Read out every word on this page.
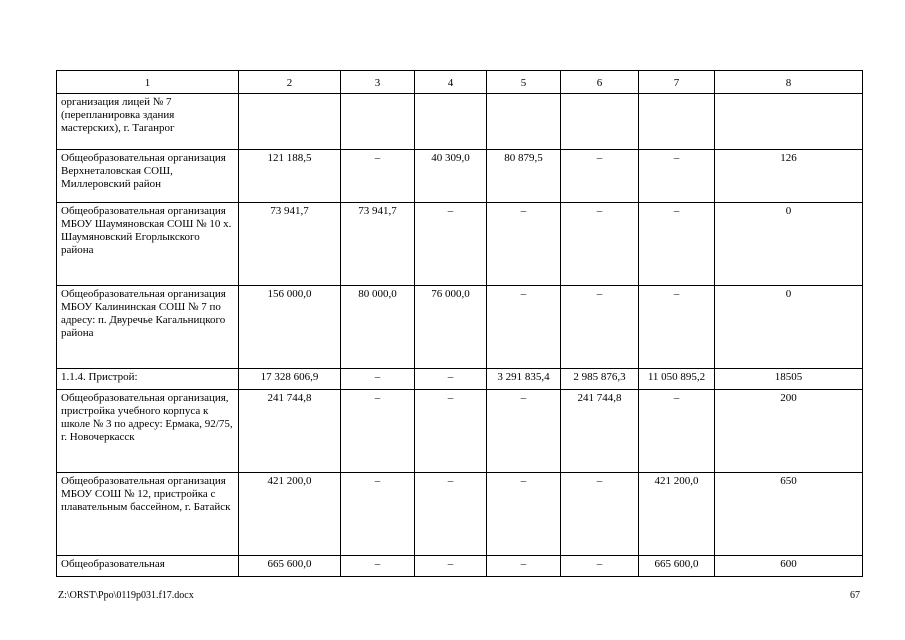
1	2	3	4	5	6	7	8
организация лицей № 7 (перепланировка здания мастерских), г. Таганрог							
Общеобразовательная организация Верхнеталовская СОШ, Миллеровский район	121 188,5	–	40 309,0	80 879,5	–	–	126
Общеобразовательная организация МБОУ Шаумяновская СОШ № 10 х. Шаумяновский Егорлыкского района	73 941,7	73 941,7	–	–	–	–	0
Общеобразовательная организация МБОУ Калининская СОШ № 7 по адресу: п. Двуречье Кагальницкого района	156 000,0	80 000,0	76 000,0	–	–	–	0
1.1.4. Пристрой:	17 328 606,9	–	–	3 291 835,4	2 985 876,3	11 050 895,2	18505
Общеобразовательная организация, пристройка учебного корпуса к школе № 3 по адресу: Ермака, 92/75, г. Новочеркасск	241 744,8	–	–	–	241 744,8	–	200
Общеобразовательная организация МБОУ СОШ № 12, пристройка с плавательным бассейном, г. Батайск	421 200,0	–	–	–	–	421 200,0	650
Общеобразовательная	665 600,0	–	–	–	–	665 600,0	600
Z:\ORST\Ppo\0119p031.f17.docx	67
